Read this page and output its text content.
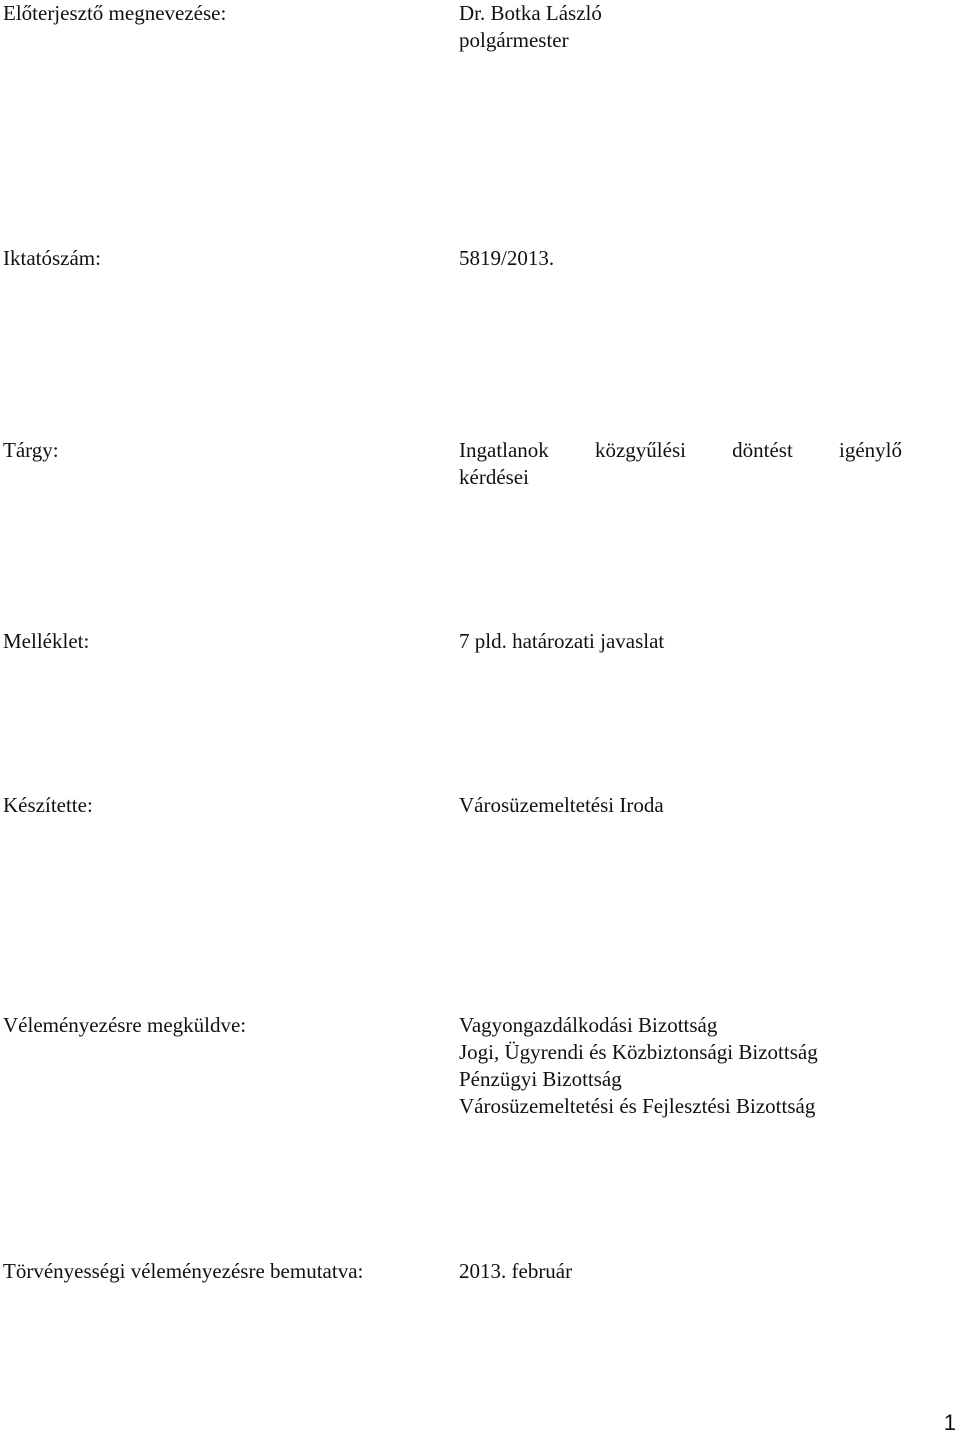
Előterjesztő megnevezése:	Dr. Botka László
polgármester
Iktatószám:	5819/2013.
Tárgy:	Ingatlanok közgyűlési döntést igénylő
kérdései
Melléklet:	7 pld. határozati javaslat
Készítette:	Városüzemeltetési Iroda
Véleményezésre megküldve:	Vagyongazdálkodási Bizottság
Jogi, Ügyrendi és Közbiztonsági Bizottság
Pénzügyi Bizottság
Városüzemeltetési és Fejlesztési Bizottság
Törvényességi véleményezésre bemutatva:	2013. február
1
